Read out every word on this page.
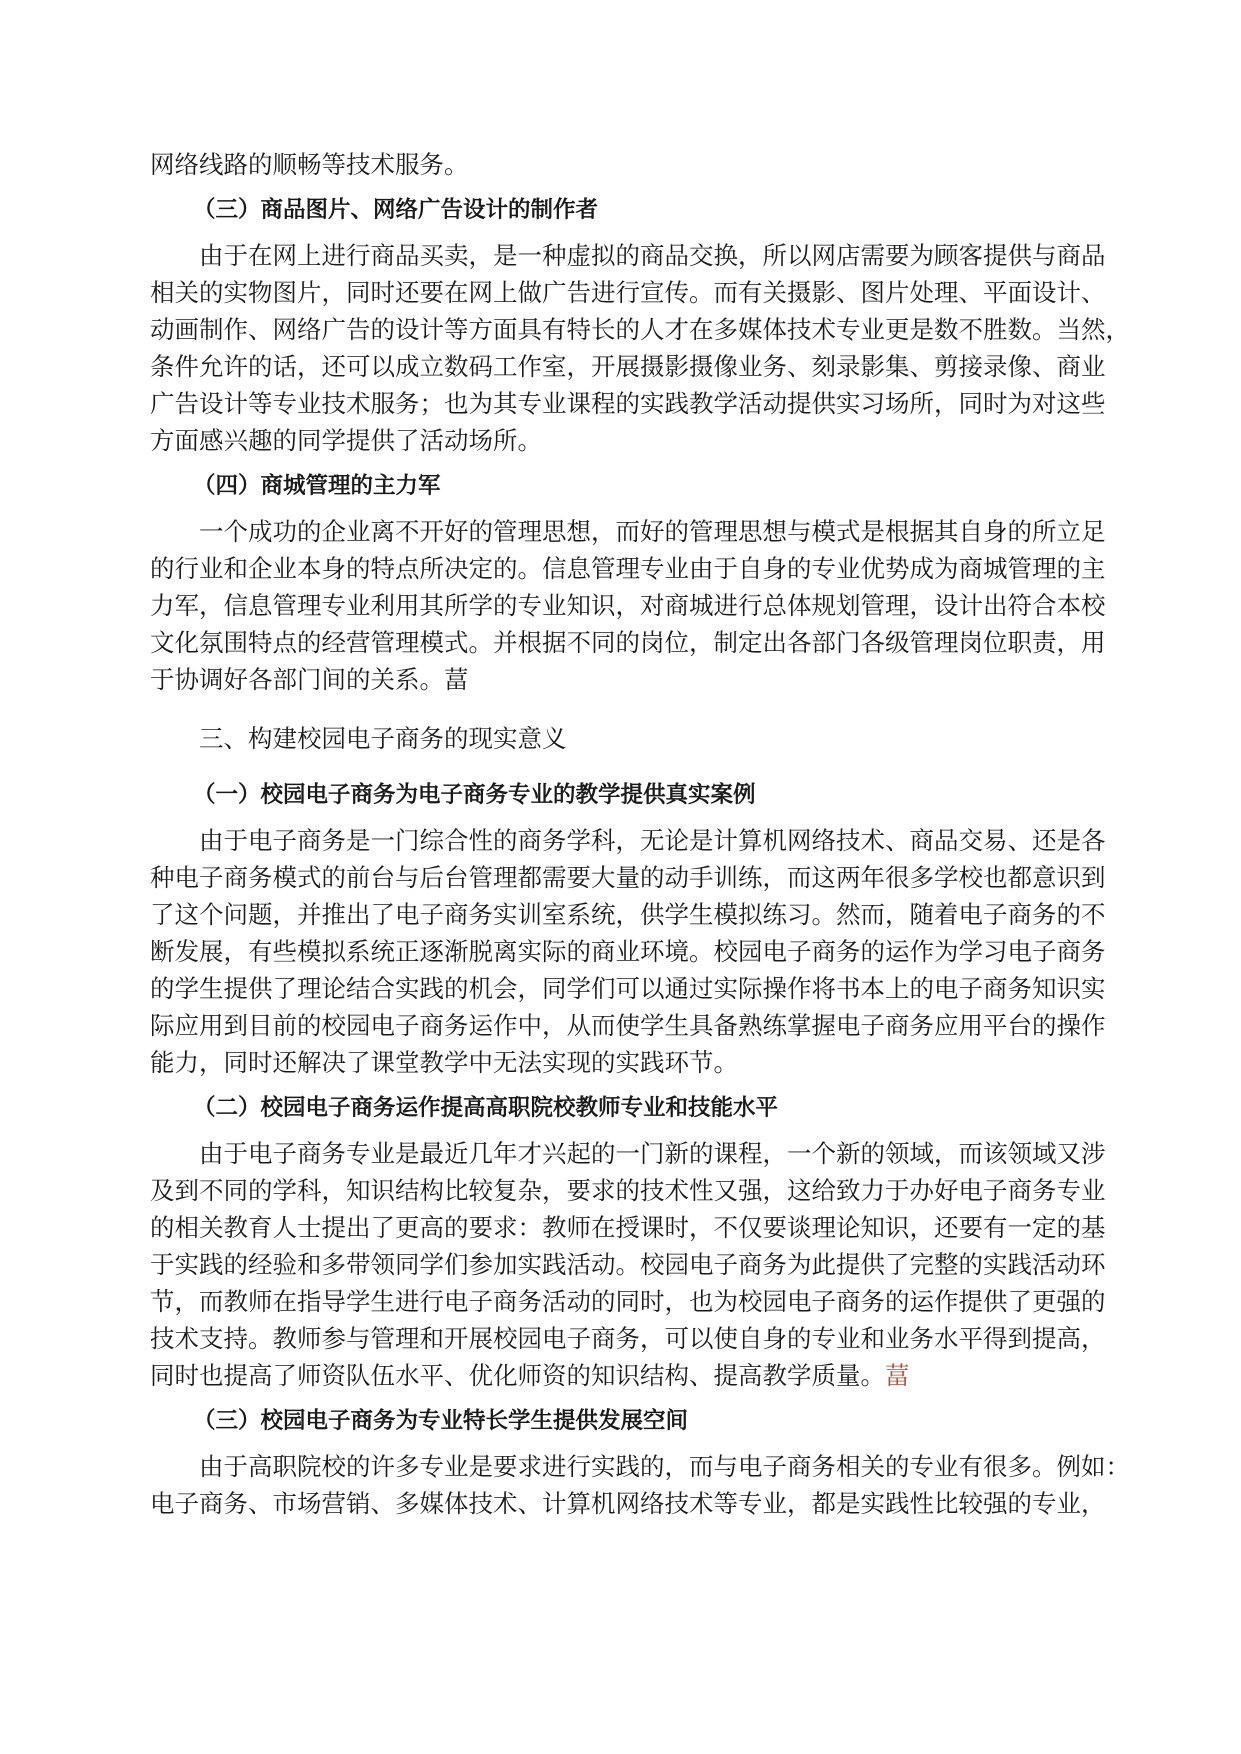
网络线路的顺畅等技术服务。
（三）商品图片、网络广告设计的制作者
由于在网上进行商品买卖，是一种虚拟的商品交换，所以网店需要为顾客提供与商品
相关的实物图片，同时还要在网上做广告进行宣传。而有关摄影、图片处理、平面设计、
动画制作、网络广告的设计等方面具有特长的人才在多媒体技术专业更是数不胜数。当然，
条件允许的话，还可以成立数码工作室，开展摄影摄像业务、刻录影集、剪接录像、商业
广告设计等专业技术服务；也为其专业课程的实践教学活动提供实习场所，同时为对这些
方面感兴趣的同学提供了活动场所。
（四）商城管理的主力军
一个成功的企业离不开好的管理思想，而好的管理思想与模式是根据其自身的所立足
的行业和企业本身的特点所决定的。信息管理专业由于自身的专业优势成为商城管理的主
力军，信息管理专业利用其所学的专业知识，对商城进行总体规划管理，设计出符合本校
文化氛围特点的经营管理模式。并根据不同的岗位，制定出各部门各级管理岗位职责，用
于协调好各部门间的关系。葍
三、构建校园电子商务的现实意义
（一）校园电子商务为电子商务专业的教学提供真实案例
由于电子商务是一门综合性的商务学科，无论是计算机网络技术、商品交易、还是各
种电子商务模式的前台与后台管理都需要大量的动手训练，而这两年很多学校也都意识到
了这个问题，并推出了电子商务实训室系统，供学生模拟练习。然而，随着电子商务的不
断发展，有些模拟系统正逐渐脱离实际的商业环境。校园电子商务的运作为学习电子商务
的学生提供了理论结合实践的机会，同学们可以通过实际操作将书本上的电子商务知识实
际应用到目前的校园电子商务运作中，从而使学生具备熟练掌握电子商务应用平台的操作
能力，同时还解决了课堂教学中无法实现的实践环节。
（二）校园电子商务运作提高高职院校教师专业和技能水平
由于电子商务专业是最近几年才兴起的一门新的课程，一个新的领域，而该领域又涉
及到不同的学科，知识结构比较复杂，要求的技术性又强，这给致力于办好电子商务专业
的相关教育人士提出了更高的要求：教师在授课时，不仅要谈理论知识，还要有一定的基
于实践的经验和多带领同学们参加实践活动。校园电子商务为此提供了完整的实践活动环
节，而教师在指导学生进行电子商务活动的同时，也为校园电子商务的运作提供了更强的
技术支持。教师参与管理和开展校园电子商务，可以使自身的专业和业务水平得到提高，
同时也提高了师资队伍水平、优化师资的知识结构、提高教学质量。葍
（三）校园电子商务为专业特长学生提供发展空间
由于高职院校的许多专业是要求进行实践的，而与电子商务相关的专业有很多。例如：
电子商务、市场营销、多媒体技术、计算机网络技术等专业，都是实践性比较强的专业，
